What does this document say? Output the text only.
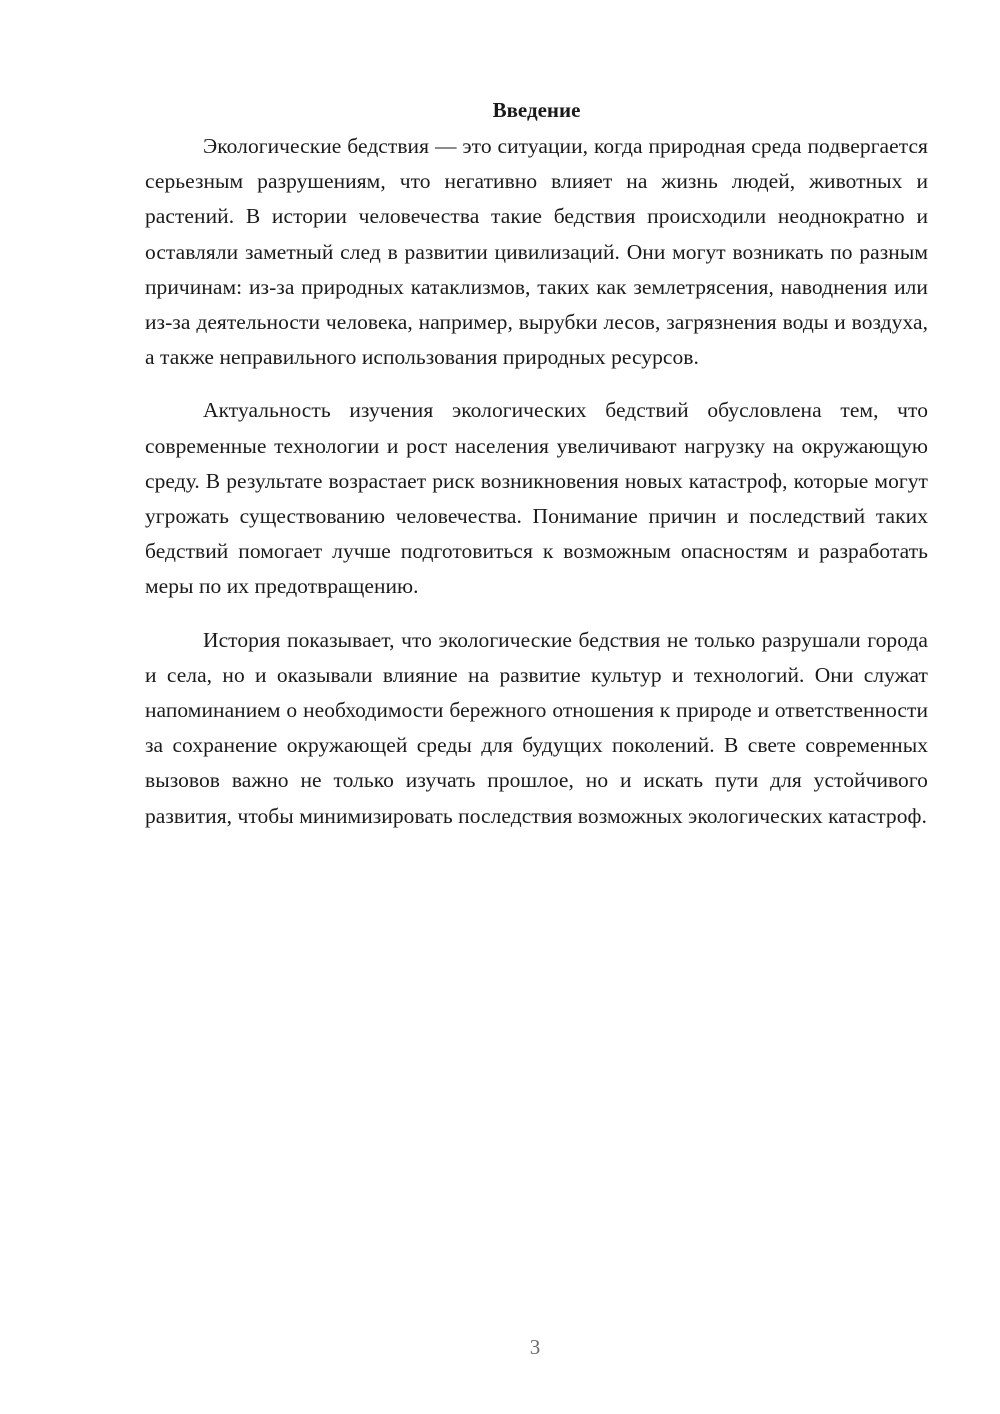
Введение

Экологические бедствия — это ситуации, когда природная среда подвергается серьезным разрушениям, что негативно влияет на жизнь людей, животных и растений. В истории человечества такие бедствия происходили неоднократно и оставляли заметный след в развитии цивилизаций. Они могут возникать по разным причинам: из-за природных катаклизмов, таких как землетрясения, наводнения или из-за деятельности человека, например, вырубки лесов, загрязнения воды и воздуха, а также неправильного использования природных ресурсов.

Актуальность изучения экологических бедствий обусловлена тем, что современные технологии и рост населения увеличивают нагрузку на окружающую среду. В результате возрастает риск возникновения новых катастроф, которые могут угрожать существованию человечества. Понимание причин и последствий таких бедствий помогает лучше подготовиться к возможным опасностям и разработать меры по их предотвращению.

История показывает, что экологические бедствия не только разрушали города и села, но и оказывали влияние на развитие культур и технологий. Они служат напоминанием о необходимости бережного отношения к природе и ответственности за сохранение окружающей среды для будущих поколений. В свете современных вызовов важно не только изучать прошлое, но и искать пути для устойчивого развития, чтобы минимизировать последствия возможных экологических катастроф.

3
